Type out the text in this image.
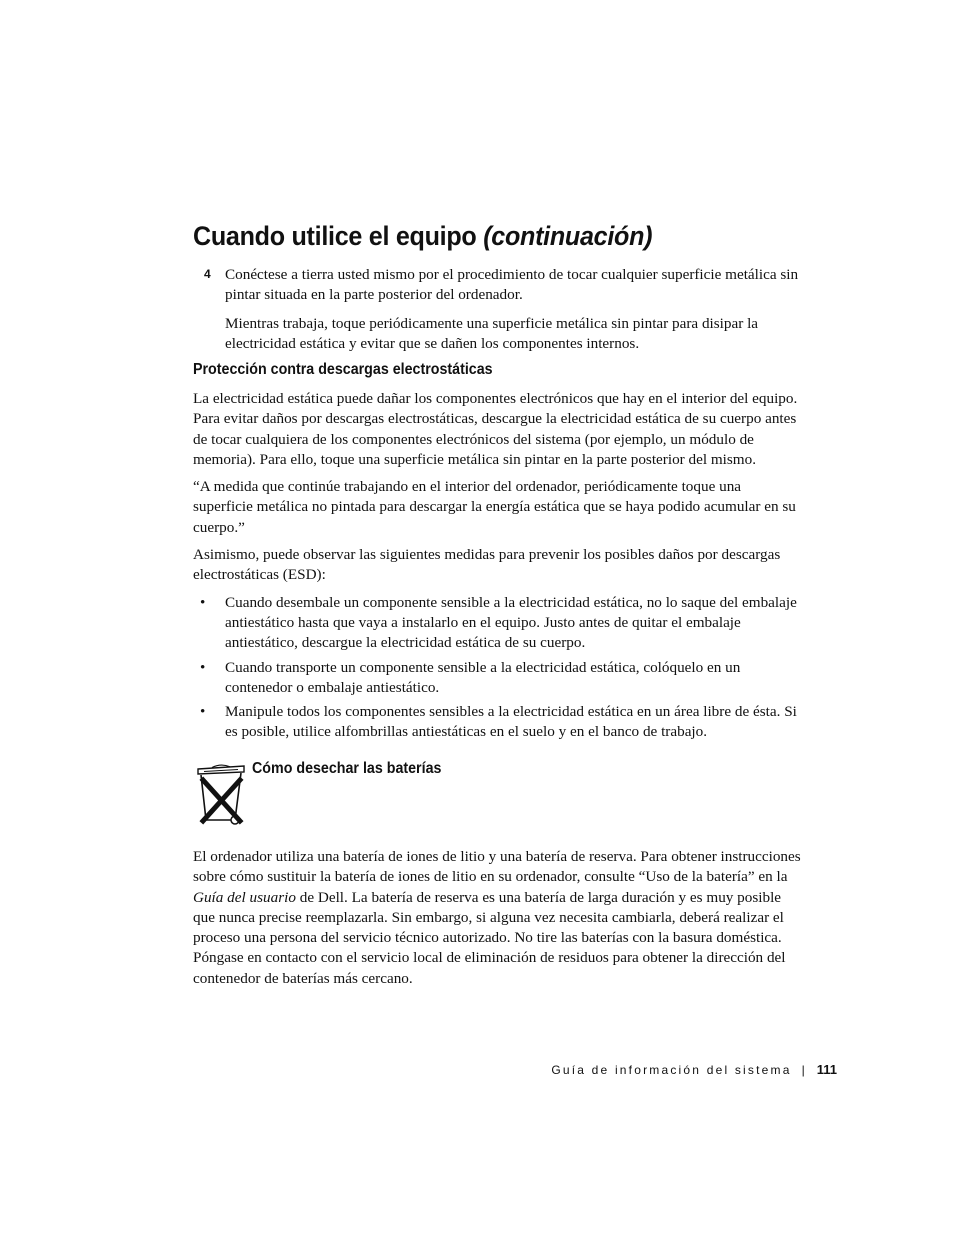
Cuando utilice el equipo (continuación)
4 Conéctese a tierra usted mismo por el procedimiento de tocar cualquier superficie metálica sin pintar situada en la parte posterior del ordenador.

Mientras trabaja, toque periódicamente una superficie metálica sin pintar para disipar la electricidad estática y evitar que se dañen los componentes internos.

Protección contra descargas electrostáticas

La electricidad estática puede dañar los componentes electrónicos que hay en el interior del equipo. Para evitar daños por descargas electrostáticas, descargue la electricidad estática de su cuerpo antes de tocar cualquiera de los componentes electrónicos del sistema (por ejemplo, un módulo de memoria). Para ello, toque una superficie metálica sin pintar en la parte posterior del mismo.

“A medida que continúe trabajando en el interior del ordenador, periódicamente toque una superficie metálica no pintada para descargar la energía estática que se haya podido acumular en su cuerpo.”

Asimismo, puede observar las siguientes medidas para prevenir los posibles daños por descargas electrostáticas (ESD):

• Cuando desembale un componente sensible a la electricidad estática, no lo saque del embalaje antiestático hasta que vaya a instalarlo en el equipo. Justo antes de quitar el embalaje antiestático, descargue la electricidad estática de su cuerpo.
• Cuando transporte un componente sensible a la electricidad estática, colóquelo en un contenedor o embalaje antiestático.
• Manipule todos los componentes sensibles a la electricidad estática en un área libre de ésta. Si es posible, utilice alfombrillas antiestáticas en el suelo y en el banco de trabajo.
Cómo desechar las baterías

El ordenador utiliza una batería de iones de litio y una batería de reserva. Para obtener instrucciones sobre cómo sustituir la batería de iones de litio en su ordenador, consulte “Uso de la batería” en la Guía del usuario de Dell. La batería de reserva es una batería de larga duración y es muy posible que nunca precise reemplazarla. Sin embargo, si alguna vez necesita cambiarla, deberá realizar el proceso una persona del servicio técnico autorizado. No tire las baterías con la basura doméstica. Póngase en contacto con el servicio local de eliminación de residuos para obtener la dirección del contenedor de baterías más cercano.

Guía de información del sistema | 111
